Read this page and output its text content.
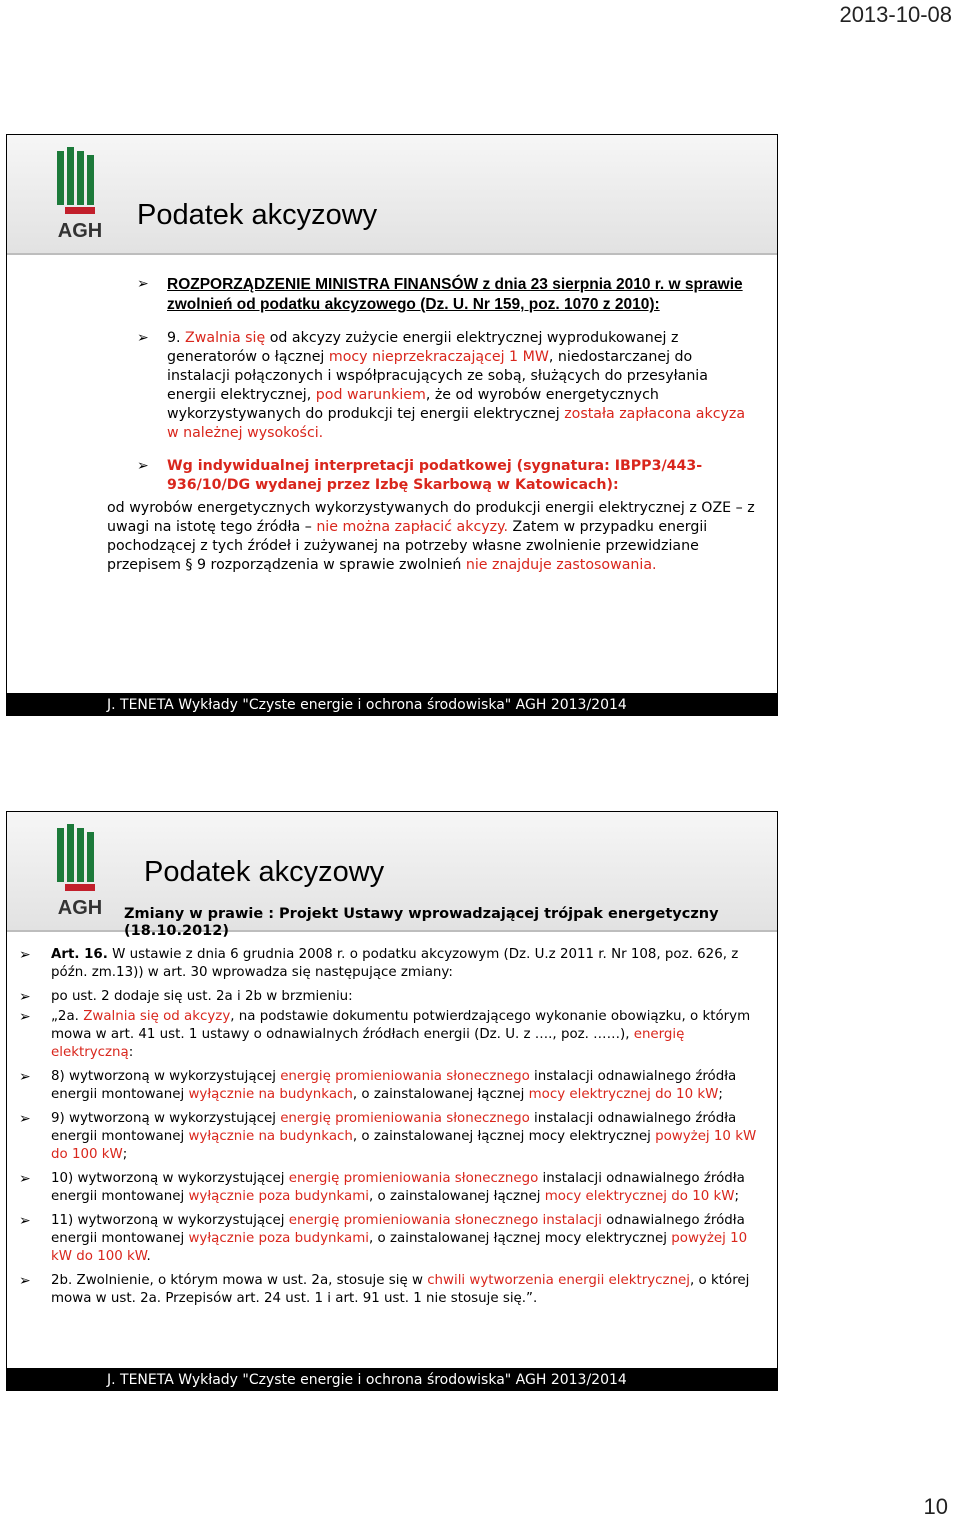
2013-10-08
AGH Podatek akcyzowy
➢ ROZPORZĄDZENIE MINISTRA FINANSÓW z dnia 23 sierpnia 2010 r. w sprawie zwolnień od podatku akcyzowego (Dz. U. Nr 159, poz. 1070 z 2010):
➢ 9. Zwalnia się od akcyzy zużycie energii elektrycznej wyprodukowanej z generatorów o łącznej mocy nieprzekraczającej 1 MW, niedostarczanej do instalacji połączonych i współpracujących ze sobą, służących do przesyłania energii elektrycznej, pod warunkiem, że od wyrobów energetycznych wykorzystywanych do produkcji tej energii elektrycznej została zapłacona akcyza w należnej wysokości.
➢ Wg indywidualnej interpretacji podatkowej (sygnatura: IBPP3/443-936/10/DG wydanej przez Izbę Skarbową w Katowicach):
od wyrobów energetycznych wykorzystywanych do produkcji energii elektrycznej z OZE – z uwagi na istotę tego źródła – nie można zapłacić akcyzy. Zatem w przypadku energii pochodzącej z tych źródeł i zużywanej na potrzeby własne zwolnienie przewidziane przepisem § 9 rozporządzenia w sprawie zwolnień nie znajduje zastosowania.
J. TENETA Wykłady "Czyste energie i ochrona środowiska" AGH 2013/2014
AGH
Podatek akcyzowy
Zmiany w prawie : Projekt Ustawy wprowadzającej trójpak energetyczny (18.10.2012)
➢ Art. 16. W ustawie z dnia 6 grudnia 2008 r. o podatku akcyzowym (Dz. U.z 2011 r. Nr 108, poz. 626, z późn. zm.13)) w art. 30 wprowadza się następujące zmiany:
➢ po ust. 2 dodaje się ust. 2a i 2b w brzmieniu:
➢ „2a. Zwalnia się od akcyzy, na podstawie dokumentu potwierdzającego wykonanie obowiązku, o którym mowa w art. 41 ust. 1 ustawy o odnawialnych źródłach energii (Dz. U. z …., poz. ……), energię elektryczną:
➢ 8) wytworzoną w wykorzystującej energię promieniowania słonecznego instalacji odnawialnego źródła energii montowanej wyłącznie na budynkach, o zainstalowanej łącznej mocy elektrycznej do 10 kW;
➢ 9) wytworzoną w wykorzystującej energię promieniowania słonecznego instalacji odnawialnego źródła energii montowanej wyłącznie na budynkach, o zainstalowanej łącznej mocy elektrycznej powyżej 10 kW do 100 kW;
➢ 10) wytworzoną w wykorzystującej energię promieniowania słonecznego instalacji odnawialnego źródła energii montowanej wyłącznie poza budynkami, o zainstalowanej łącznej mocy elektrycznej do 10 kW;
➢ 11) wytworzoną w wykorzystującej energię promieniowania słonecznego instalacji odnawialnego źródła energii montowanej wyłącznie poza budynkami, o zainstalowanej łącznej mocy elektrycznej powyżej 10 kW do 100 kW.
➢ 2b. Zwolnienie, o którym mowa w ust. 2a, stosuje się w chwili wytworzenia energii elektrycznej, o której mowa w ust. 2a. Przepisów art. 24 ust. 1 i art. 91 ust. 1 nie stosuje się.”.
J. TENETA Wykłady "Czyste energie i ochrona środowiska" AGH 2013/2014
10
